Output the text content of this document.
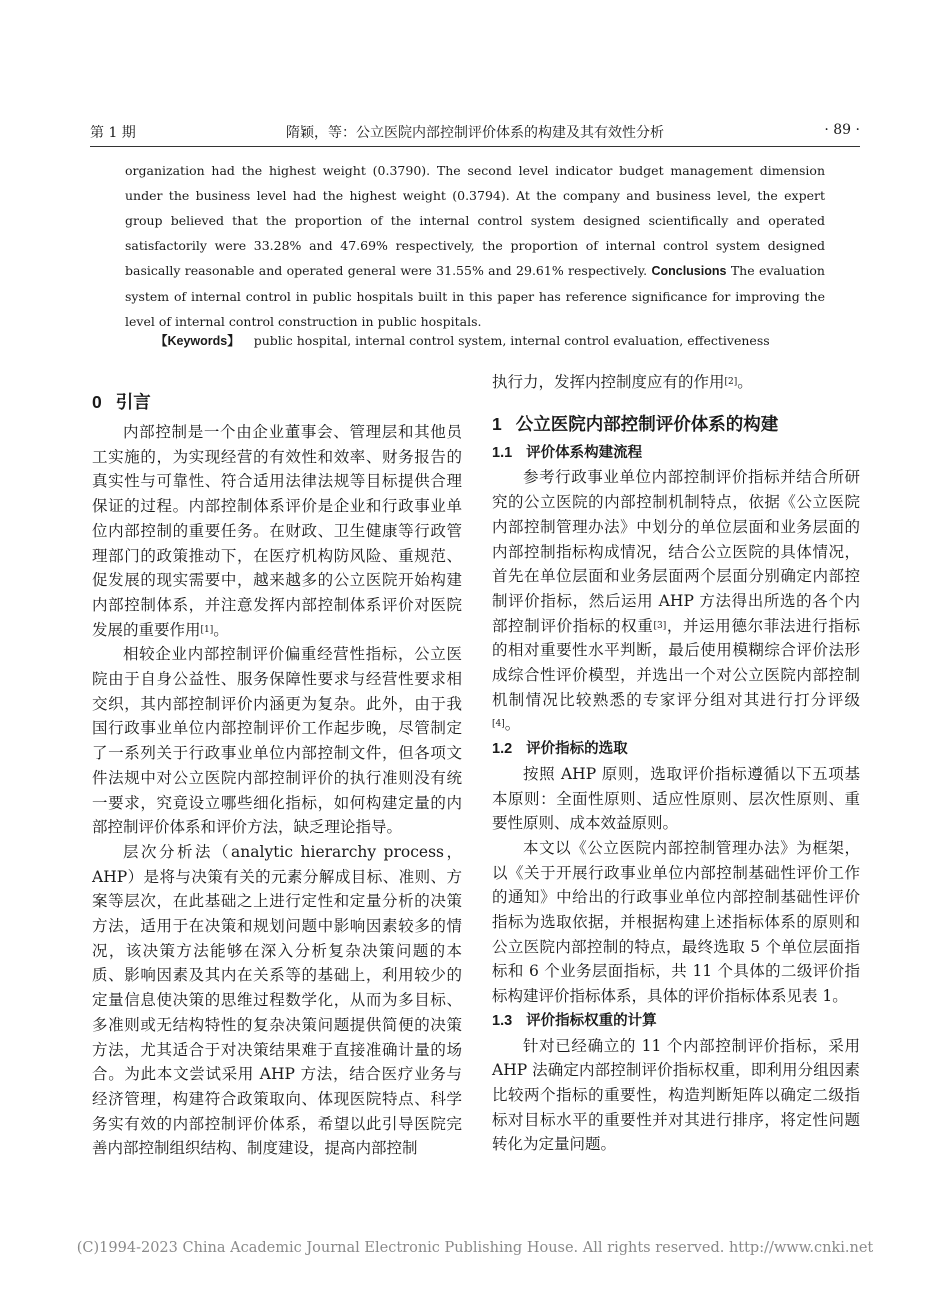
第 1 期	隋颖，等：公立医院内部控制评价体系的构建及其有效性分析	· 89 ·
organization had the highest weight (0.3790). The second level indicator budget management dimension under the business level had the highest weight (0.3794). At the company and business level, the expert group believed that the proportion of the internal control system designed scientifically and operated satisfactorily were 33.28% and 47.69% respectively, the proportion of internal control system designed basically reasonable and operated general were 31.55% and 29.61% respectively. Conclusions The evaluation system of internal control in public hospitals built in this paper has reference significance for improving the level of internal control construction in public hospitals.
【Keywords】 public hospital, internal control system, internal control evaluation, effectiveness
0 引言

内部控制是一个由企业董事会、管理层和其他员工实施的，为实现经营的有效性和效率、财务报告的真实性与可靠性、符合适用法律法规等目标提供合理保证的过程。内部控制体系评价是企业和行政事业单位内部控制的重要任务。在财政、卫生健康等行政管理部门的政策推动下，在医疗机构防风险、重规范、促发展的现实需要中，越来越多的公立医院开始构建内部控制体系，并注意发挥内部控制体系评价对医院发展的重要作用[1]。

相较企业内部控制评价偏重经营性指标，公立医院由于自身公益性、服务保障性要求与经营性要求相交织，其内部控制评价内涵更为复杂。此外，由于我国行政事业单位内部控制评价工作起步晚，尽管制定了一系列关于行政事业单位内部控制文件，但各项文件法规中对公立医院内部控制评价的执行准则没有统一要求，究竟设立哪些细化指标，如何构建定量的内部控制评价体系和评价方法，缺乏理论指导。

层次分析法（analytic hierarchy process，AHP）是将与决策有关的元素分解成目标、准则、方案等层次，在此基础之上进行定性和定量分析的决策方法，适用于在决策和规划问题中影响因素较多的情况，该决策方法能够在深入分析复杂决策问题的本质、影响因素及其内在关系等的基础上，利用较少的定量信息使决策的思维过程数学化，从而为多目标、多准则或无结构特性的复杂决策问题提供简便的决策方法，尤其适合于对决策结果难于直接准确计量的场合。为此本文尝试采用 AHP 方法，结合医疗业务与经济管理，构建符合政策取向、体现医院特点、科学务实有效的内部控制评价体系，希望以此引导医院完善内部控制组织结构、制度建设，提高内部控制

执行力，发挥内控制度应有的作用[2]。

1 公立医院内部控制评价体系的构建
1.1 评价体系构建流程

参考行政事业单位内部控制评价指标并结合所研究的公立医院的内部控制机制特点，依据《公立医院内部控制管理办法》中划分的单位层面和业务层面的内部控制指标构成情况，结合公立医院的具体情况，首先在单位层面和业务层面两个层面分别确定内部控制评价指标，然后运用 AHP 方法得出所选的各个内部控制评价指标的权重[3]，并运用德尔菲法进行指标的相对重要性水平判断，最后使用模糊综合评价法形成综合性评价模型，并选出一个对公立医院内部控制机制情况比较熟悉的专家评分组对其进行打分评级[4]。

1.2 评价指标的选取

按照 AHP 原则，选取评价指标遵循以下五项基本原则：全面性原则、适应性原则、层次性原则、重要性原则、成本效益原则。

本文以《公立医院内部控制管理办法》为框架，以《关于开展行政事业单位内部控制基础性评价工作的通知》中给出的行政事业单位内部控制基础性评价指标为选取依据，并根据构建上述指标体系的原则和公立医院内部控制的特点，最终选取 5 个单位层面指标和 6 个业务层面指标，共 11 个具体的二级评价指标构建评价指标体系，具体的评价指标体系见表 1。

1.3 评价指标权重的计算

针对已经确立的 11 个内部控制评价指标，采用 AHP 法确定内部控制评价指标权重，即利用分组因素比较两个指标的重要性，构造判断矩阵以确定二级指标对目标水平的重要性并对其进行排序，将定性问题转化为定量问题。

(C)1994-2023 China Academic Journal Electronic Publishing House. All rights reserved. http://www.cnki.net
